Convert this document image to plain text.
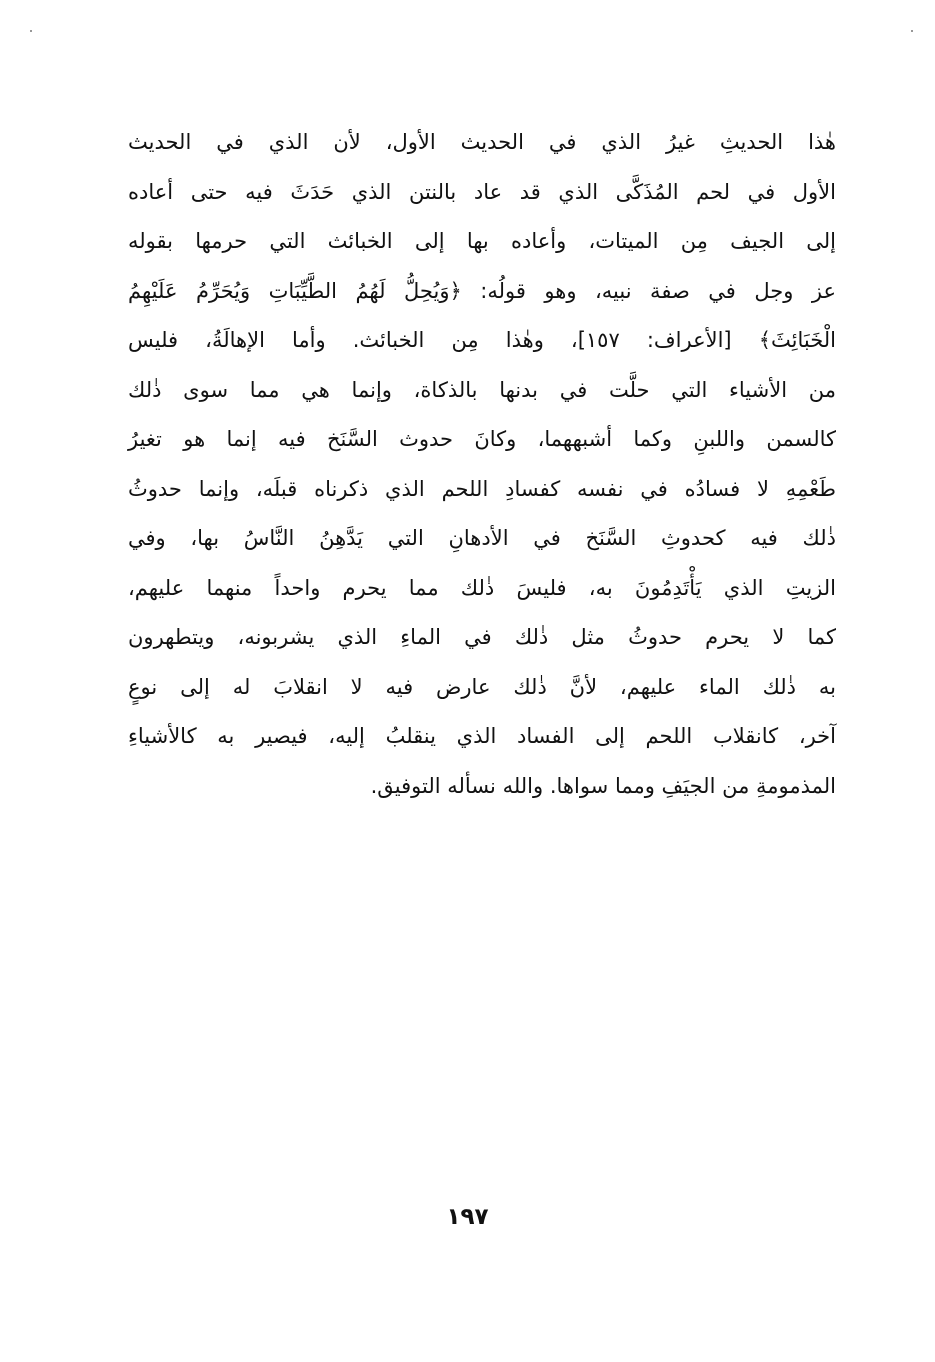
هٰذا الحديثِ غيرُ الذي في الحديث الأول، لأن الذي في الحديث
الأول في لحم المُذَكَّى الذي قد عاد بالنتن الذي حَدَثَ فيه حتى أعاده
إلى الجيف مِن الميتات، وأعاده بها إلى الخبائث التي حرمها بقوله
عز وجل في صفة نبيه، وهو قولُه: ﴿وَيُحِلُّ لَهُمُ الطَّيِّبَاتِ وَيُحَرِّمُ عَلَيْهِمُ
الْخَبَائِثَ﴾ [الأعراف: ١٥٧]، وهٰذا مِن الخبائث. وأما الإهالَةُ، فليس
من الأشياء التي حلَّت في بدنها بالذكاة، وإنما هي مما سوى ذٰلك
كالسمن واللبنِ وكما أشبههما، وكانَ حدوث السَّنَخ فيه إنما هو تغيرُ
طَعْمِهِ لا فسادُه في نفسه كفسادِ اللحم الذي ذكرناه قبلَه، وإنما حدوثُ
ذٰلك فيه كحدوثِ السَّنَخ في الأدهانِ التي يَدَّهِنُ النَّاسُ بها، وفي
الزيتِ الذي يَأْتَدِمُونَ به، فليسَ ذٰلك مما يحرم واحداً منهما عليهم،
كما لا يحرم حدوثُ مثل ذٰلك في الماءِ الذي يشربونه، ويتطهرون
به ذٰلك الماء عليهم، لأنَّ ذٰلك عارض فيه لا انقلابَ له إلى نوعٍ
آخر، كانقلاب اللحم إلى الفساد الذي ينقلبُ إليه، فيصير به كالأشياءِ
المذمومةِ من الجيَفِ ومما سواها. والله نسأله التوفيق.
١٩٧
